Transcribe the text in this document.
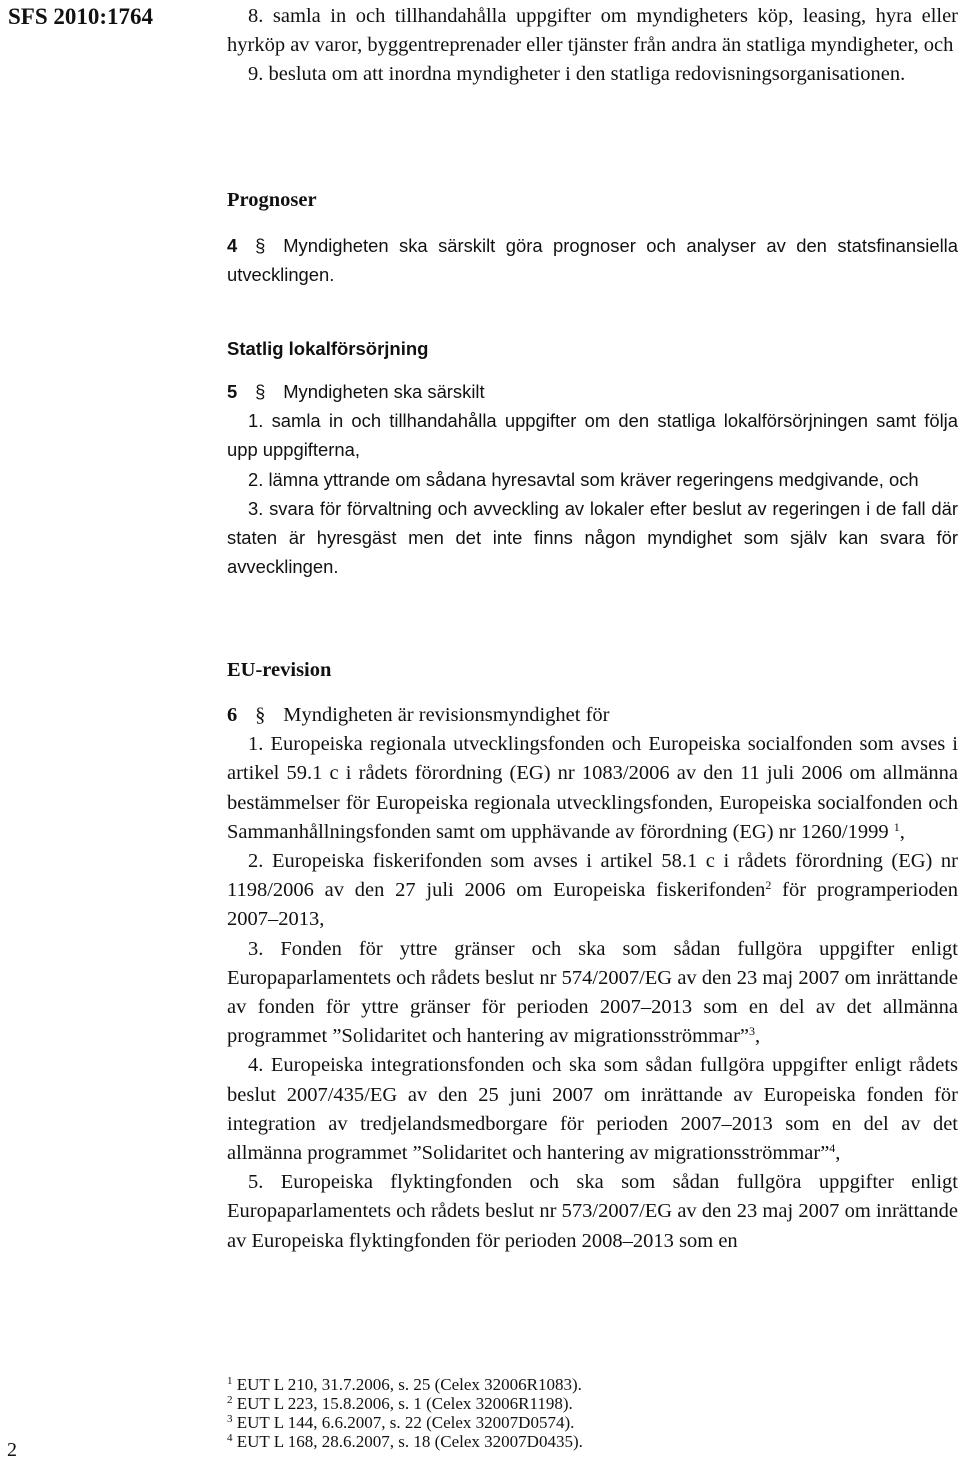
SFS 2010:1764	8. samla in och tillhandahålla uppgifter om myndigheters köp, leasing, hyra eller hyrköp av varor, byggentreprenader eller tjänster från andra än statliga myndigheter, och

9. besluta om att inordna myndigheter i den statliga redovisningsorganisationen.

Prognoser

4 § Myndigheten ska särskilt göra prognoser och analyser av den statsfinansiella utvecklingen.

Statlig lokalförsörjning

5 § Myndigheten ska särskilt

1. samla in och tillhandahålla uppgifter om den statliga lokalförsörjningen samt följa upp uppgifterna,

2. lämna yttrande om sådana hyresavtal som kräver regeringens medgivande, och

3. svara för förvaltning och avveckling av lokaler efter beslut av regeringen i de fall där staten är hyresgäst men det inte finns någon myndighet som själv kan svara för avvecklingen.

EU-revision

6 § Myndigheten är revisionsmyndighet för

1. Europeiska regionala utvecklingsfonden och Europeiska socialfonden som avses i artikel 59.1 c i rådets förordning (EG) nr 1083/2006 av den 11 juli 2006 om allmänna bestämmelser för Europeiska regionala utvecklingsfonden, Europeiska socialfonden och Sammanhållningsfonden samt om upphävande av förordning (EG) nr 1260/1999 $^1$,

2. Europeiska fiskerifonden som avses i artikel 58.1 c i rådets förordning (EG) nr 1198/2006 av den 27 juli 2006 om Europeiska fiskerifonden$^2$ för programperioden 2007–2013,

3. Fonden för yttre gränser och ska som sådan fullgöra uppgifter enligt Europaparlamentets och rådets beslut nr 574/2007/EG av den 23 maj 2007 om inrättande av fonden för yttre gränser för perioden 2007–2013 som en del av det allmänna programmet ”Solidaritet och hantering av migrationsströmmar”$^3$,

4. Europeiska integrationsfonden och ska som sådan fullgöra uppgifter enligt rådets beslut 2007/435/EG av den 25 juni 2007 om inrättande av Europeiska fonden för integration av tredjelandsmedborgare för perioden 2007–2013 som en del av det allmänna programmet ”Solidaritet och hantering av migrationsströmmar”$^4$,

5. Europeiska flyktingfonden och ska som sådan fullgöra uppgifter enligt Europaparlamentets och rådets beslut nr 573/2007/EG av den 23 maj 2007 om inrättande av Europeiska flyktingfonden för perioden 2008–2013 som en

$^1$ EUT L 210, 31.7.2006, s. 25 (Celex 32006R1083).
$^2$ EUT L 223, 15.8.2006, s. 1 (Celex 32006R1198).
$^3$ EUT L 144, 6.6.2007, s. 22 (Celex 32007D0574).
$^4$ EUT L 168, 28.6.2007, s. 18 (Celex 32007D0435).
2
